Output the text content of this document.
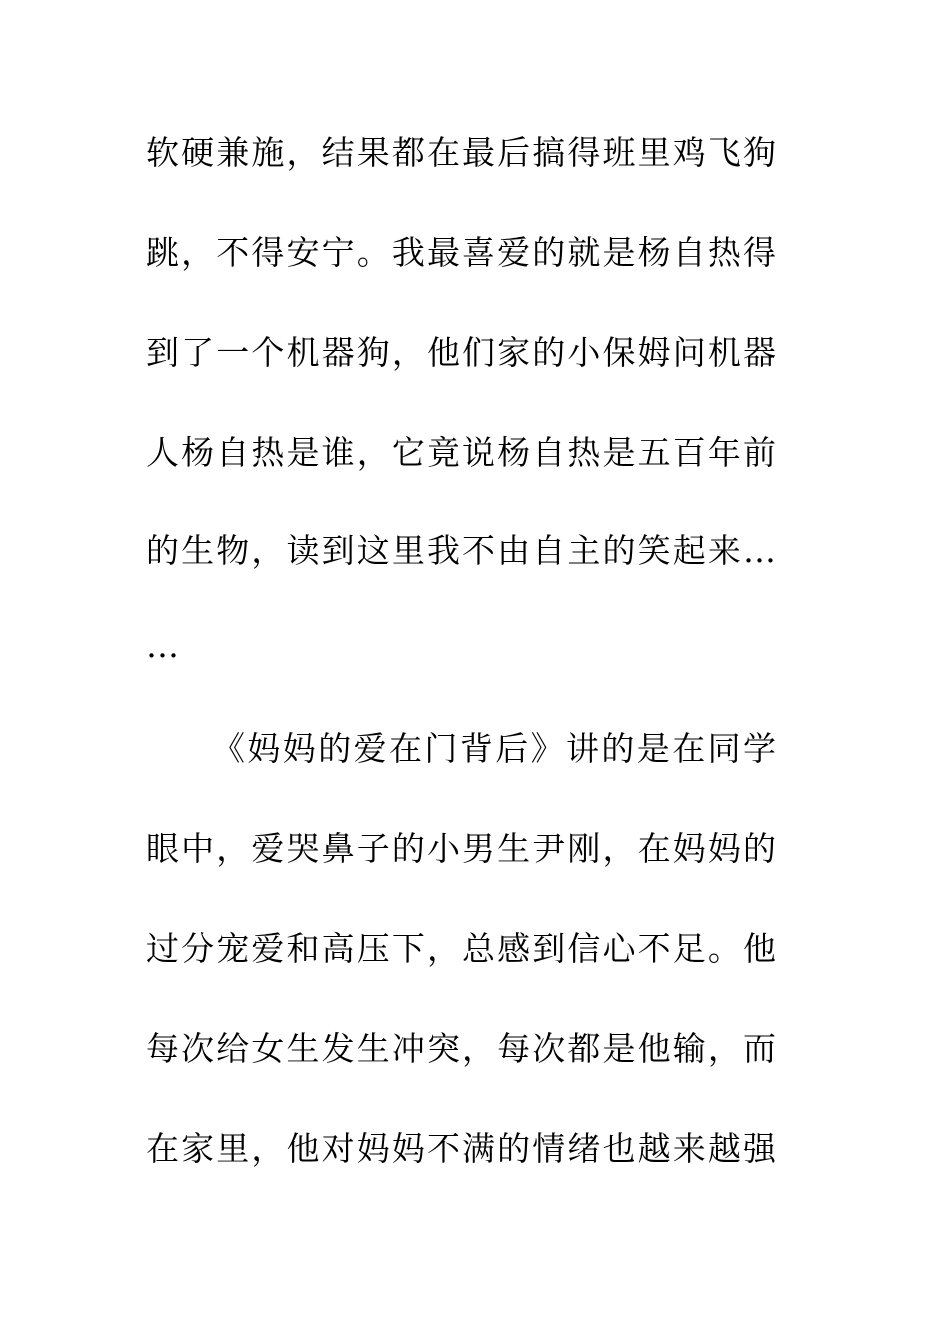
软硬兼施，结果都在最后搞得班里鸡飞狗
跳，不得安宁。我最喜爱的就是杨自热得
到了一个机器狗，他们家的小保姆问机器
人杨自热是谁，它竟说杨自热是五百年前
的生物，读到这里我不由自主的笑起来…
…
《妈妈的爱在门背后》讲的是在同学
眼中，爱哭鼻子的小男生尹刚，在妈妈的
过分宠爱和高压下，总感到信心不足。他
每次给女生发生冲突，每次都是他输，而
在家里，他对妈妈不满的情绪也越来越强
